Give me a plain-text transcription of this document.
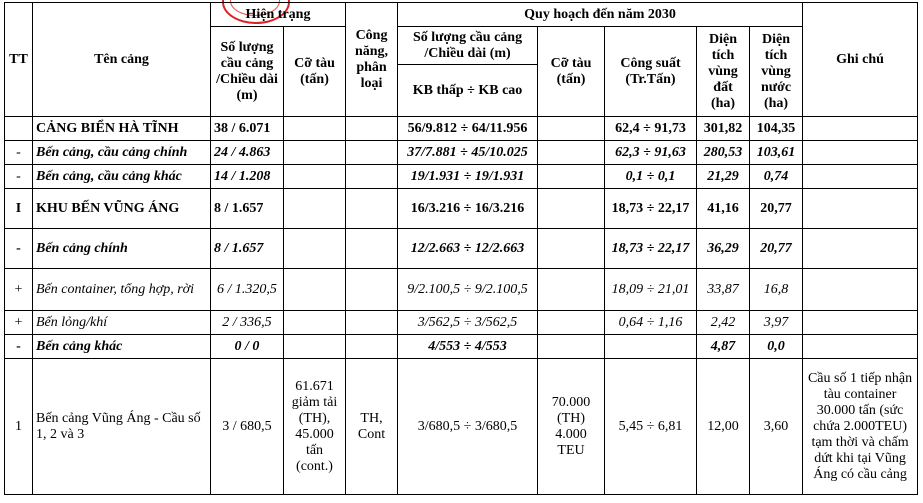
TT	Tên cảng	Hiện trạng		Công năng, phân loại	Quy hoạch đến năm 2030					Ghi chú
		Số lượng cầu cảng /Chiều dài (m)	Cỡ tàu (tấn)		Số lượng cầu cảng /Chiều dài (m)	Cỡ tàu (tấn)	Công suất (Tr.Tấn)	Diện tích vùng đất (ha)	Diện tích vùng nước (ha)	
					KB thấp ÷ KB cao					
	CẢNG BIỂN HÀ TĨNH	38 / 6.071			56/9.812 ÷ 64/11.956		62,4 ÷ 91,73	301,82	104,35	
-	Bến cảng, cầu cảng chính	24 / 4.863			37/7.881 ÷ 45/10.025		62,3 ÷ 91,63	280,53	103,61	
-	Bến cảng, cầu cảng khác	14 / 1.208			19/1.931 ÷ 19/1.931		0,1 ÷ 0,1	21,29	0,74	
I	KHU BẾN VŨNG ÁNG	8 / 1.657			16/3.216 ÷ 16/3.216		18,73 ÷ 22,17	41,16	20,77	
-	Bến cảng chính	8 / 1.657			12/2.663 ÷ 12/2.663		18,73 ÷ 22,17	36,29	20,77	
+	Bến container, tổng hợp, rời	6 / 1.320,5			9/2.100,5 ÷ 9/2.100,5		18,09 ÷ 21,01	33,87	16,8	
+	Bến lỏng/khí	2 / 336,5			3/562,5 ÷ 3/562,5		0,64 ÷ 1,16	2,42	3,97	
-	Bến cảng khác	0 / 0			4/553 ÷ 4/553			4,87	0,0	
1	Bến cảng Vũng Áng - Cầu số 1, 2 và 3	3 / 680,5	61.671 giảm tải (TH), 45.000 tấn (cont.)	TH, Cont	3/680,5 ÷ 3/680,5	70.000 (TH) 4.000 TEU	5,45 ÷ 6,81	12,00	3,60	Cầu số 1 tiếp nhận tàu container 30.000 tấn (sức chứa 2.000TEU) tạm thời và chấm dứt khi tại Vũng Áng có cầu cảng
